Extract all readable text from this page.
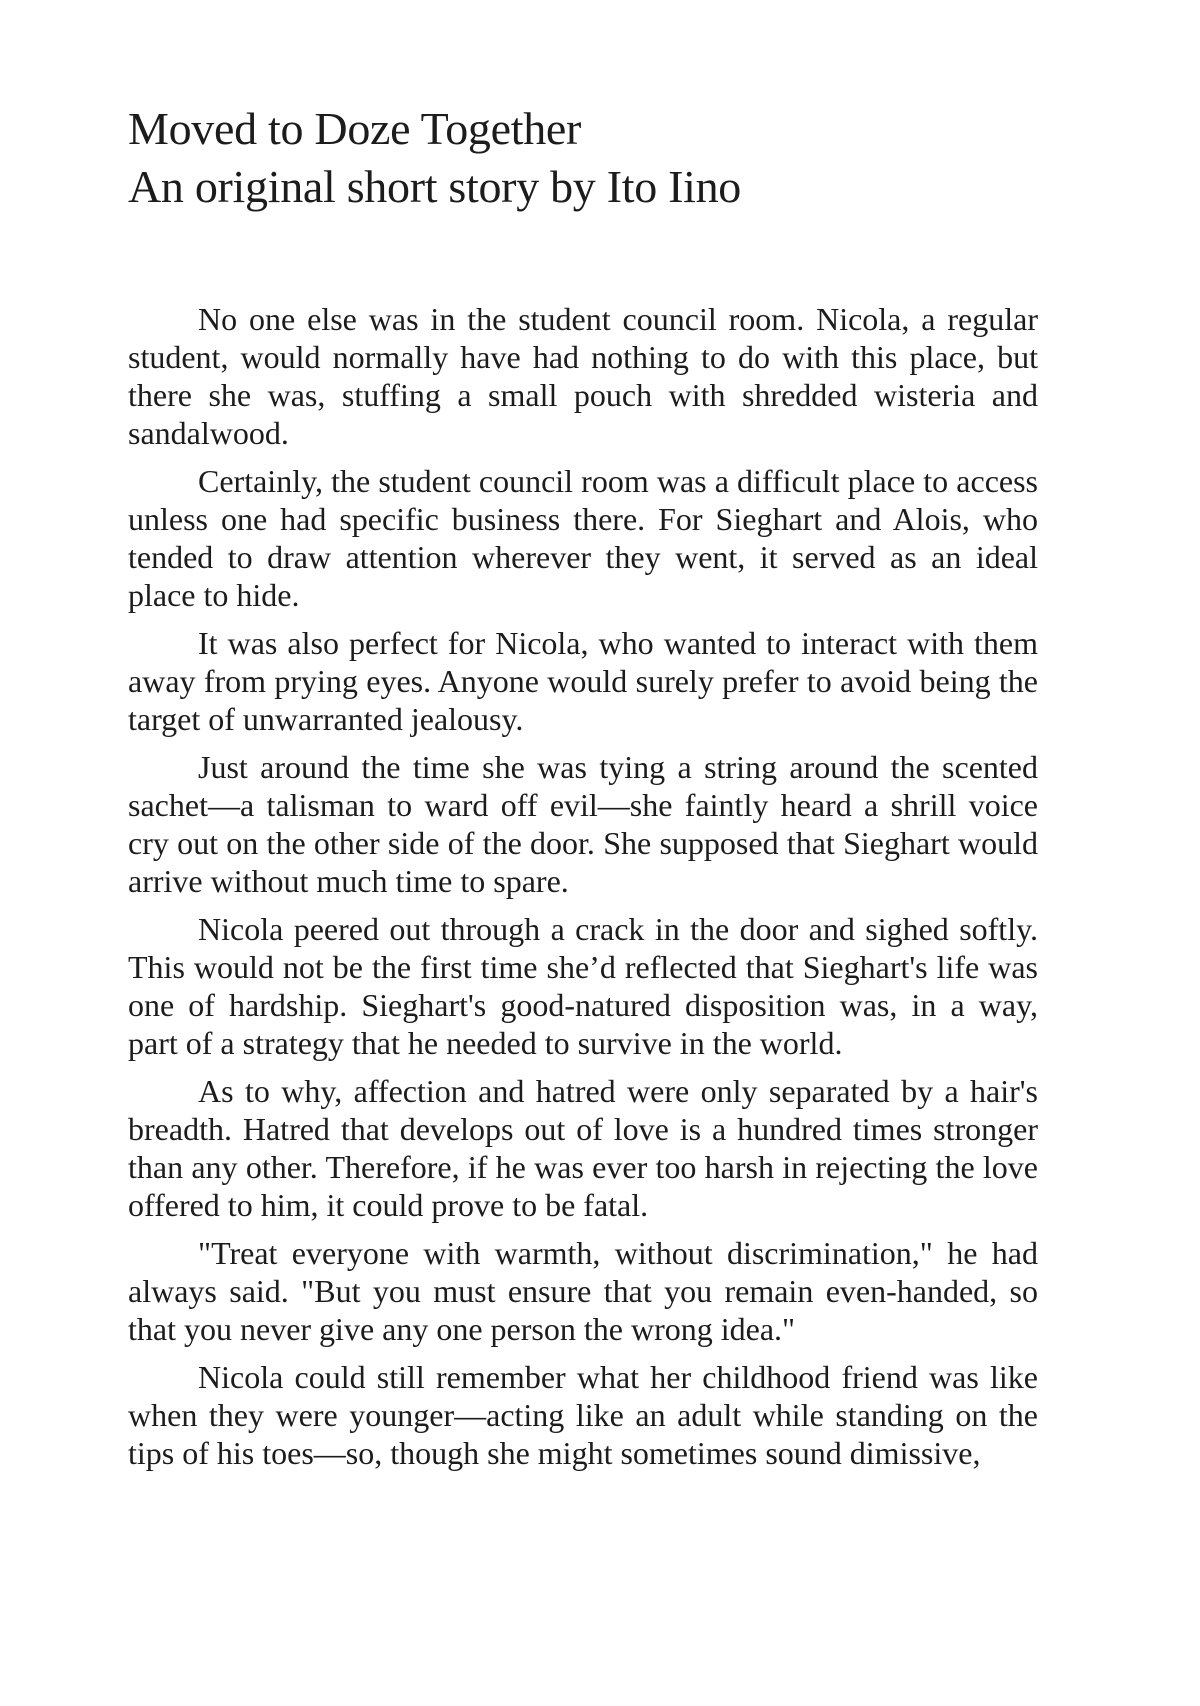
Moved to Doze Together
An original short story by Ito Iino

No one else was in the student council room. Nicola, a regular student, would normally have had nothing to do with this place, but there she was, stuffing a small pouch with shredded wisteria and sandalwood.

Certainly, the student council room was a difficult place to access unless one had specific business there. For Sieghart and Alois, who tended to draw attention wherever they went, it served as an ideal place to hide.

It was also perfect for Nicola, who wanted to interact with them away from prying eyes. Anyone would surely prefer to avoid being the target of unwarranted jealousy.

Just around the time she was tying a string around the scented sachet—a talisman to ward off evil—she faintly heard a shrill voice cry out on the other side of the door. She supposed that Sieghart would arrive without much time to spare.

Nicola peered out through a crack in the door and sighed softly. This would not be the first time she’d reflected that Sieghart's life was one of hardship. Sieghart's good-natured disposition was, in a way, part of a strategy that he needed to survive in the world.

As to why, affection and hatred were only separated by a hair's breadth. Hatred that develops out of love is a hundred times stronger than any other. Therefore, if he was ever too harsh in rejecting the love offered to him, it could prove to be fatal.

"Treat everyone with warmth, without discrimination," he had always said. "But you must ensure that you remain even-handed, so that you never give any one person the wrong idea."

Nicola could still remember what her childhood friend was like when they were younger—acting like an adult while standing on the tips of his toes—so, though she might sometimes sound dimissive,
